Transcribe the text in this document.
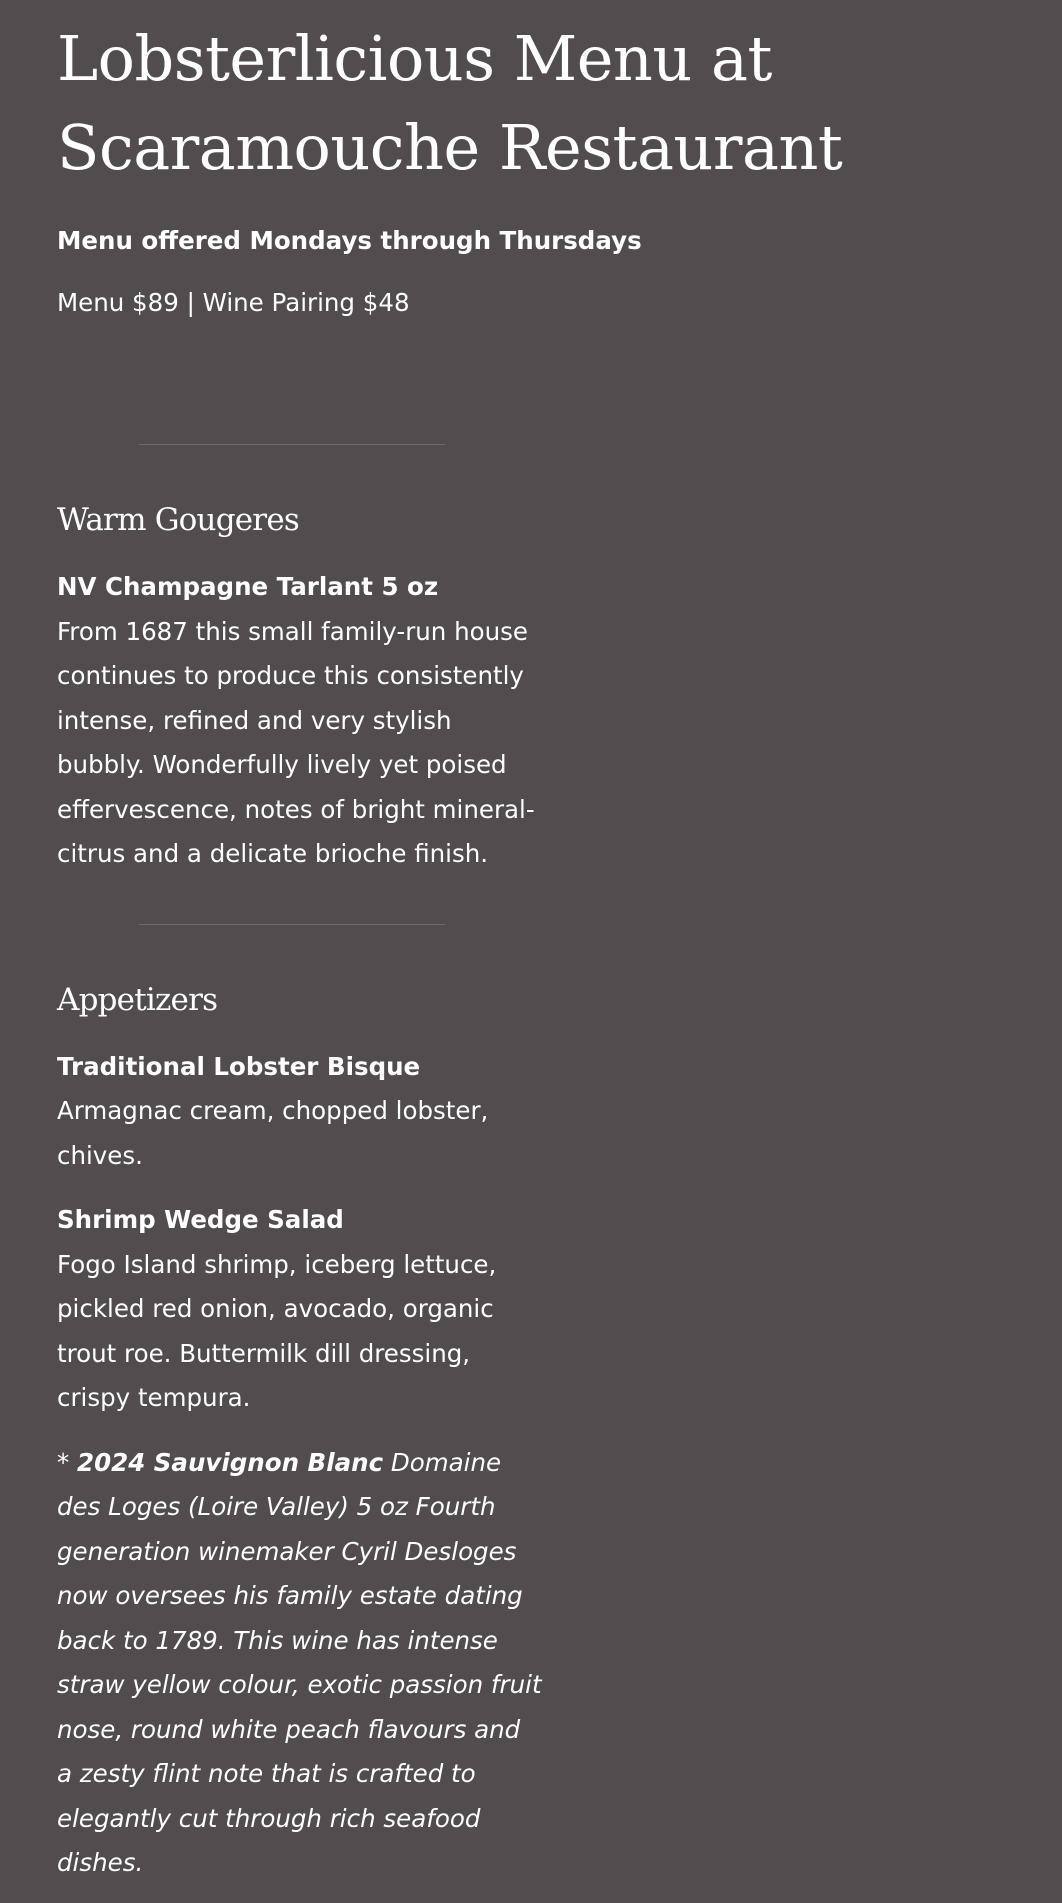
Lobsterlicious Menu at Scaramouche Restaurant

Menu offered Mondays through Thursdays

Menu $89 | Wine Pairing $48

Warm Gougeres

NV Champagne Tarlant 5 oz
From 1687 this small family-run house continues to produce this consistently intense, refined and very stylish bubbly. Wonderfully lively yet poised effervescence, notes of bright mineral-citrus and a delicate brioche finish.

Appetizers

Traditional Lobster Bisque
Armagnac cream, chopped lobster, chives.

Shrimp Wedge Salad
Fogo Island shrimp, iceberg lettuce, pickled red onion, avocado, organic trout roe. Buttermilk dill dressing, crispy tempura.

* 2024 Sauvignon Blanc Domaine des Loges (Loire Valley) 5 oz Fourth generation winemaker Cyril Desloges now oversees his family estate dating back to 1789. This wine has intense straw yellow colour, exotic passion fruit nose, round white peach flavours and a zesty flint note that is crafted to elegantly cut through rich seafood dishes.
